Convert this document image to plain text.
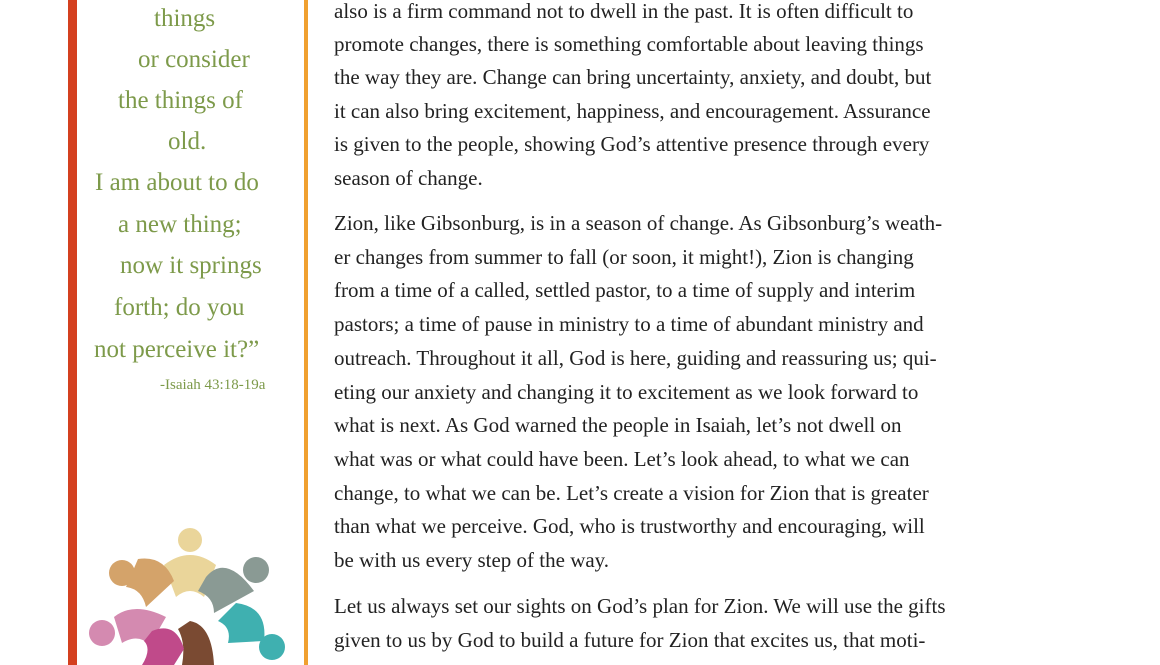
things
or consider
the things of
old.
I am about to do
a new thing;
now it springs
forth; do you
not perceive it?”
-Isaiah 43:18-19a
also is a firm command not to dwell in the past. It is often difficult to
promote changes, there is something comfortable about leaving things
the way they are. Change can bring uncertainty, anxiety, and doubt, but
it can also bring excitement, happiness, and encouragement. Assurance
is given to the people, showing God’s attentive presence through every
season of change.
Zion, like Gibsonburg, is in a season of change. As Gibsonburg’s weath-
er changes from summer to fall (or soon, it might!), Zion is changing
from a time of a called, settled pastor, to a time of supply and interim
pastors; a time of pause in ministry to a time of abundant ministry and
outreach. Throughout it all, God is here, guiding and reassuring us; qui-
eting our anxiety and changing it to excitement as we look forward to
what is next. As God warned the people in Isaiah, let’s not dwell on
what was or what could have been. Let’s look ahead, to what we can
change, to what we can be. Let’s create a vision for Zion that is greater
than what we perceive. God, who is trustworthy and encouraging, will
be with us every step of the way.
Let us always set our sights on God’s plan for Zion. We will use the gifts
given to us by God to build a future for Zion that excites us, that moti-
